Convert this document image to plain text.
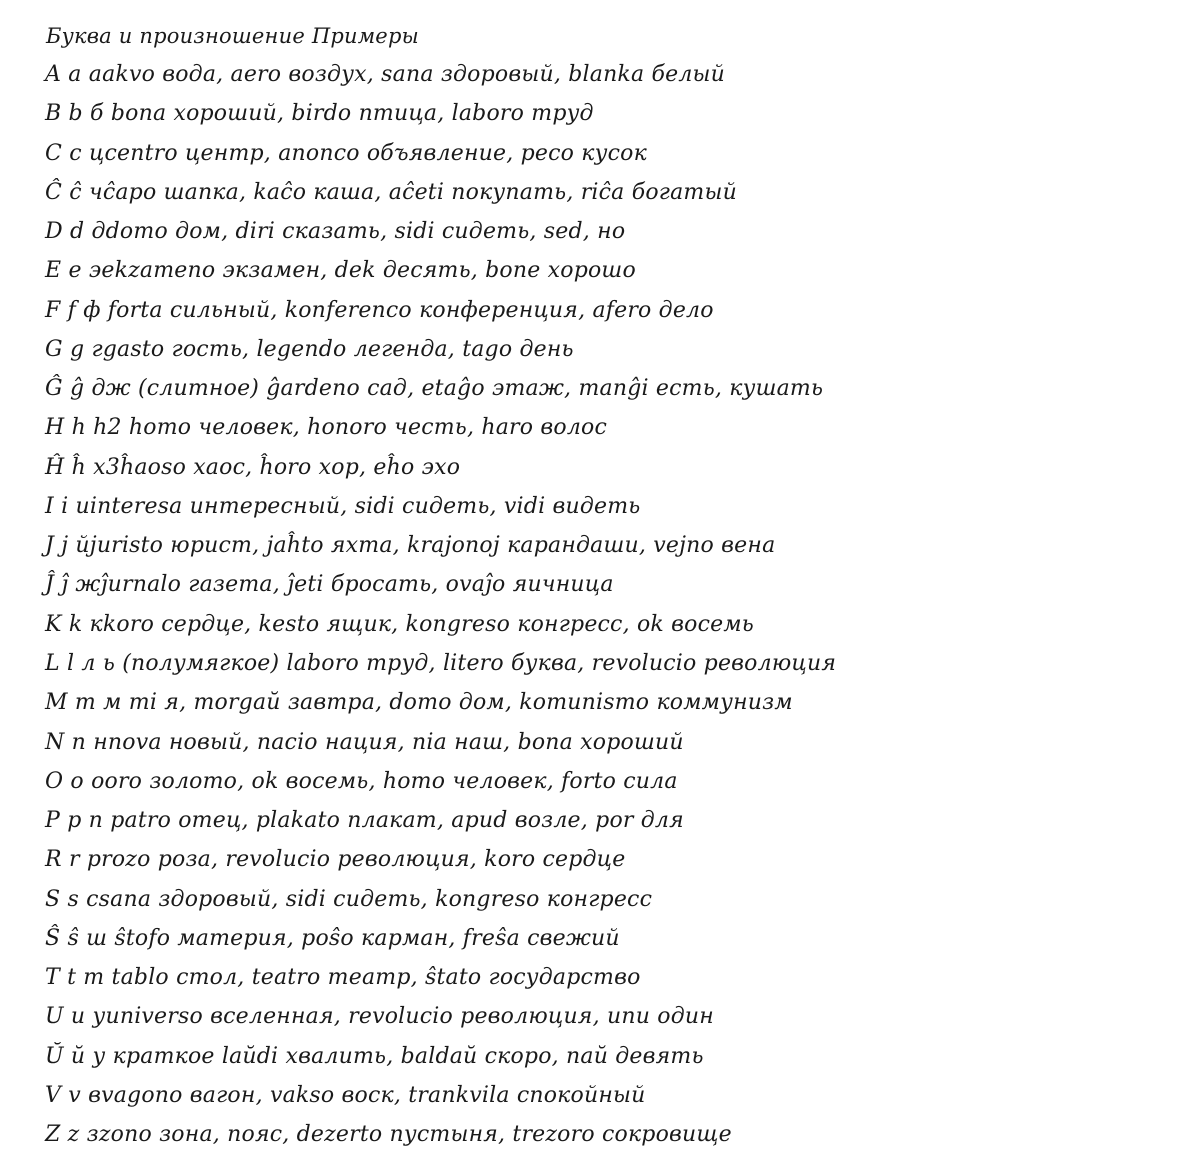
Буква и произношение Примеры
A a aakvo вода, aero воздух, sana здоровый, blanka белый
B b б bona хороший, birdo птица, laboro труд
C c цcentro центр, anonco объявление, peco кусок
Ĉ ĉ чĉapo шапка, kaĉo каша, aĉeti покупать, riĉa богатый
D d дdomo дом, diri сказать, sidi сидеть, sed, но
E e эekzameno экзамен, dek десять, bone хорошо
F f ф forta сильный, konferenco конференция, afero дело
G g гgasto гость, legendo легенда, tago день
Ĝ ĝ дж (слитное) ĝardeno сад, etaĝo этаж, manĝi есть, кушать
H h h2 homo человек, honoro честь, haro волос
Ĥ ĥ x3ĥaoso хаос, ĥoro хор, eĥo эхо
I i uinteresa интересный, sidi сидеть, vidi видеть
J j йjuristo юрист, jaĥto яхта, krajonoj карандаши, vejno вена
Ĵ ĵ жĵurnalo газета, ĵeti бросать, ovaĵo яичница
K k кkoro сердце, kesto ящик, kongreso конгресс, ok восемь
L l л ь (полумягкое) laboro труд, litero буква, revolucio революция
M m м mi я, morgaŭ завтра, domo дом, komunismo коммунизм
N n нnova новый, nacio нация, nia наш, bona хороший
O o oоro золото, ok восемь, homo человек, forto сила
P p п patro отец, plakato плакат, apud возле, por для
R r рrozo роза, revolucio революция, koro сердце
S s сsana здоровый, sidi сидеть, kongreso конгресс
Ŝ ŝ ш ŝtofo материя, poŝo карман, freŝa свежий
T t т tablo стол, teatro театр, ŝtato государство
U u уuniverso вселенная, revolucio революция, unu один
Ŭ ŭ у краткое laŭdi хвалить, baldaŭ скоро, naŭ девять
V v вvagono вагон, vakso воск, trankvila спокойный
Z z зzono зона, пояс, dezerto пустыня, trezoro сокровище
